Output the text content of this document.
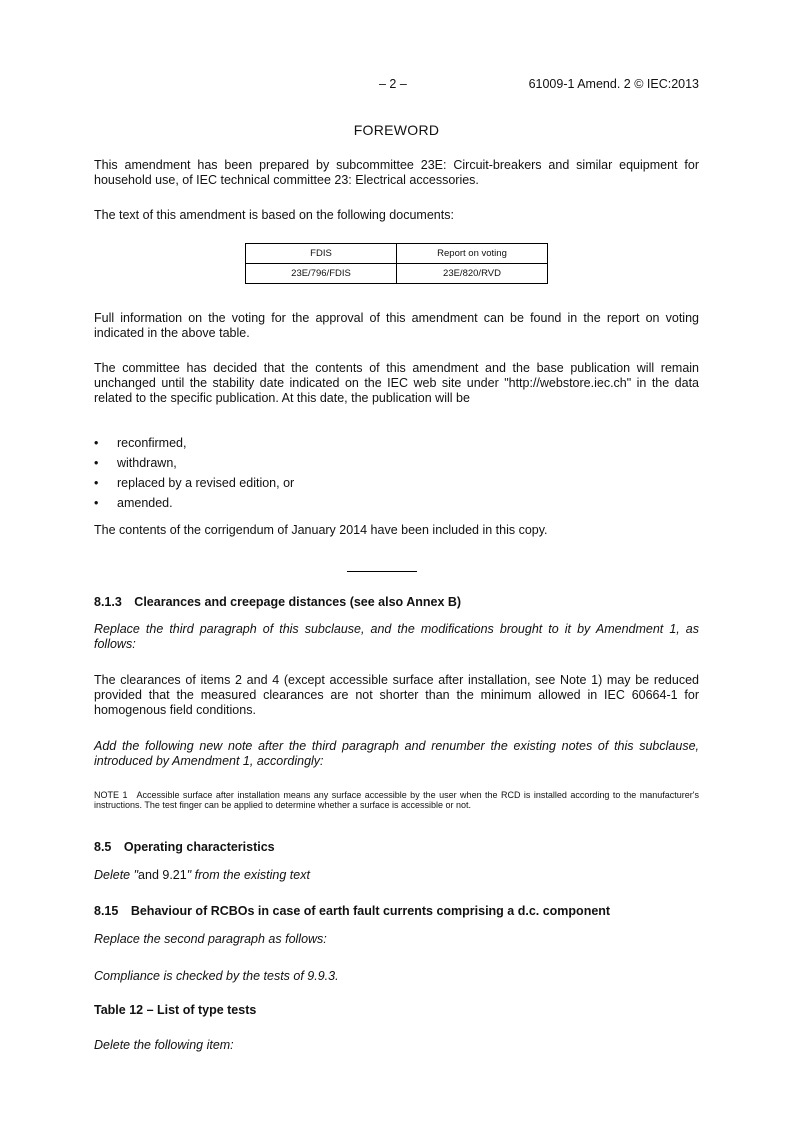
– 2 –	61009-1 Amend. 2 © IEC:2013
FOREWORD

This amendment has been prepared by subcommittee 23E: Circuit-breakers and similar equipment for household use, of IEC technical committee 23: Electrical accessories.

The text of this amendment is based on the following documents:

FDIS	Report on voting
23E/796/FDIS	23E/820/RVD

Full information on the voting for the approval of this amendment can be found in the report on voting indicated in the above table.

The committee has decided that the contents of this amendment and the base publication will remain unchanged until the stability date indicated on the IEC web site under "http://webstore.iec.ch" in the data related to the specific publication. At this date, the publication will be

• reconfirmed,
• withdrawn,
• replaced by a revised edition, or
• amended.

The contents of the corrigendum of January 2014 have been included in this copy.

8.1.3 Clearances and creepage distances (see also Annex B)

Replace the third paragraph of this subclause, and the modifications brought to it by Amendment 1, as follows:

The clearances of items 2 and 4 (except accessible surface after installation, see Note 1) may be reduced provided that the measured clearances are not shorter than the minimum allowed in IEC 60664-1 for homogenous field conditions.

Add the following new note after the third paragraph and renumber the existing notes of this subclause, introduced by Amendment 1, accordingly:

NOTE 1 Accessible surface after installation means any surface accessible by the user when the RCD is installed according to the manufacturer's instructions. The test finger can be applied to determine whether a surface is accessible or not.

8.5 Operating characteristics

Delete "and 9.21" from the existing text

8.15 Behaviour of RCBOs in case of earth fault currents comprising a d.c. component

Replace the second paragraph as follows:

Compliance is checked by the tests of 9.9.3.

Table 12 – List of type tests

Delete the following item:
